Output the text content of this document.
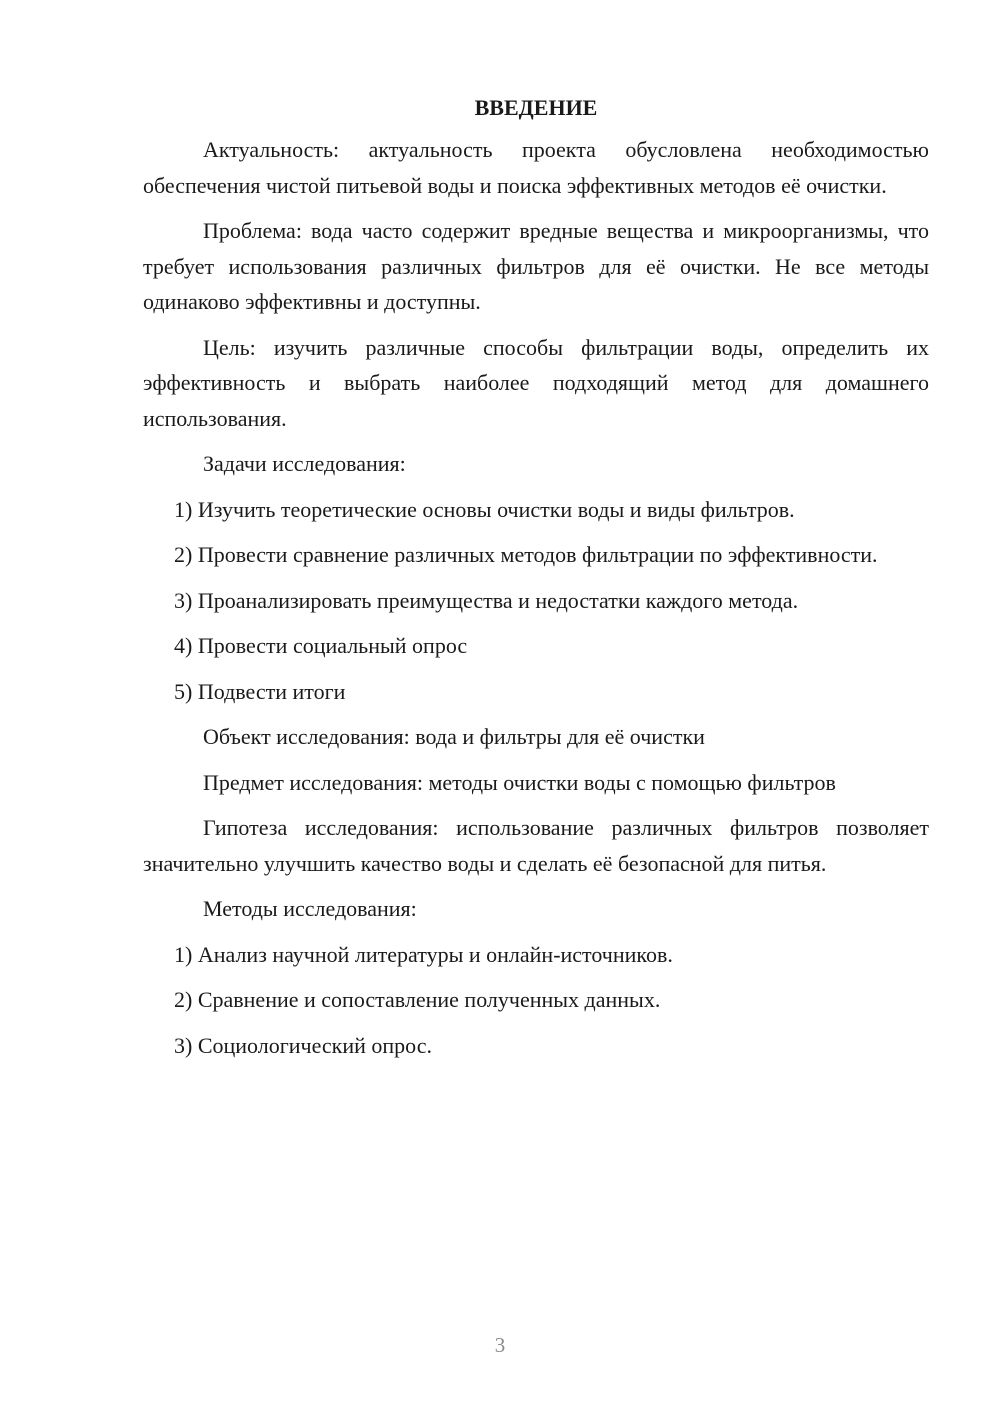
ВВЕДЕНИЕ

Актуальность: актуальность проекта обусловлена необходимостью обеспечения чистой питьевой воды и поиска эффективных методов её очистки.

Проблема: вода часто содержит вредные вещества и микроорганизмы, что требует использования различных фильтров для её очистки. Не все методы одинаково эффективны и доступны.

Цель: изучить различные способы фильтрации воды, определить их эффективность и выбрать наиболее подходящий метод для домашнего использования.

Задачи исследования:

1) Изучить теоретические основы очистки воды и виды фильтров.

2) Провести сравнение различных методов фильтрации по эффективности.

3) Проанализировать преимущества и недостатки каждого метода.

4) Провести социальный опрос

5) Подвести итоги

Объект исследования: вода и фильтры для её очистки

Предмет исследования: методы очистки воды с помощью фильтров

Гипотеза исследования: использование различных фильтров позволяет значительно улучшить качество воды и сделать её безопасной для питья.

Методы исследования:

1) Анализ научной литературы и онлайн-источников.

2) Сравнение и сопоставление полученных данных.

3) Социологический опрос.

3
